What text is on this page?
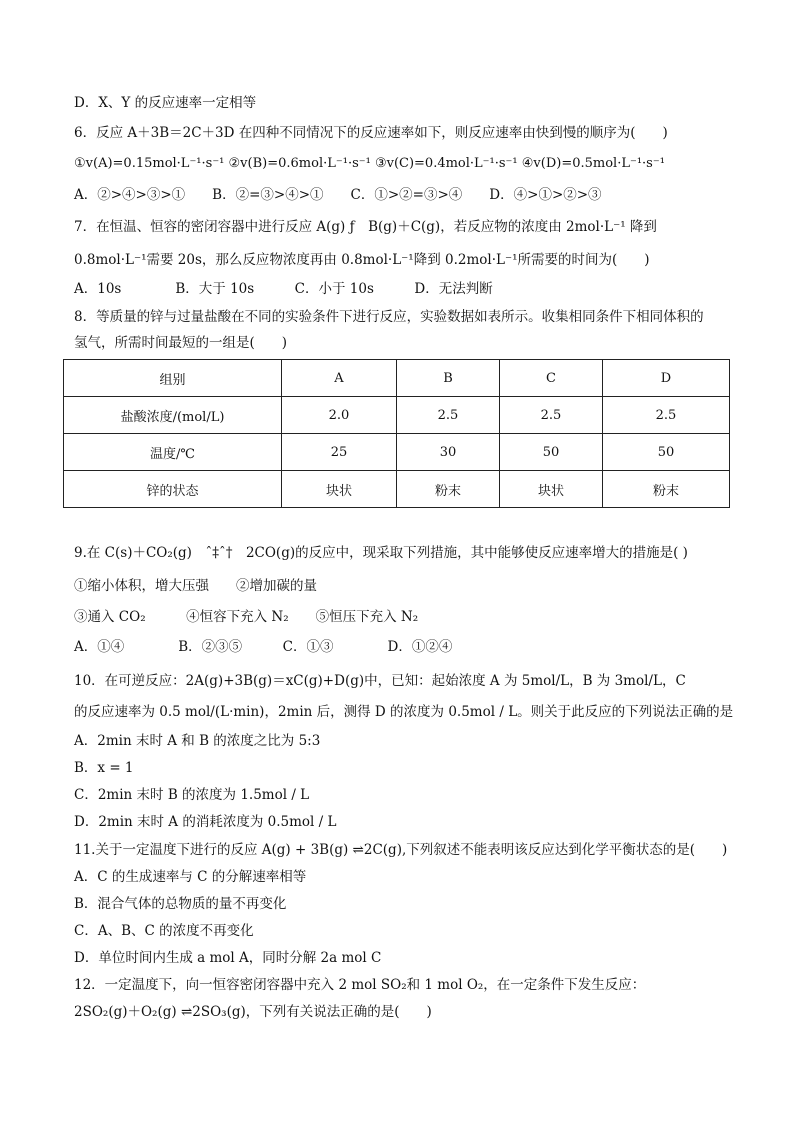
D．X、Y 的反应速率一定相等
6．反应 A＋3B＝2C＋3D 在四种不同情况下的反应速率如下，则反应速率由快到慢的顺序为(　　)
①v(A)=0.15mol·L⁻¹·s⁻¹ ②v(B)=0.6mol·L⁻¹·s⁻¹ ③v(C)=0.4mol·L⁻¹·s⁻¹ ④v(D)=0.5mol·L⁻¹·s⁻¹
A．②>④>③>①　　B．②=③>④>①　　C．①>②=③>④　　D．④>①>②>③
7．在恒温、恒容的密闭容器中进行反应 A(g) ƒ　B(g)＋C(g)，若反应物的浓度由 2mol·L⁻¹ 降到
0.8mol·L⁻¹需要 20s，那么反应物浓度再由 0.8mol·L⁻¹降到 0.2mol·L⁻¹所需要的时间为(　　)
A．10s　　　　B．大于 10s　　　C．小于 10s　　　D．无法判断
8．等质量的锌与过量盐酸在不同的实验条件下进行反应，实验数据如表所示。收集相同条件下相同体积的
氢气，所需时间最短的一组是(　　)
组别	A	B	C	D
盐酸浓度/(mol/L)	2.0	2.5	2.5	2.5
温度/℃	25	30	50	50
锌的状态	块状	粉末	块状	粉末
9.在 C(s)＋CO₂(g)　ˆ‡ˆ†　2CO(g)的反应中，现采取下列措施，其中能够使反应速率增大的措施是( )
①缩小体积，增大压强　　②增加碳的量
③通入 CO₂　　　④恒容下充入 N₂　　⑤恒压下充入 N₂
A．①④　　　　B．②③⑤　　　C．①③　　　　D．①②④
10．在可逆反应：2A(g)+3B(g)＝xC(g)+D(g)中，已知：起始浓度 A 为 5mol/L，B 为 3mol/L，C
的反应速率为 0.5 mol/(L·min)，2min 后，测得 D 的浓度为 0.5mol / L。则关于此反应的下列说法正确的是
A．2min 末时 A 和 B 的浓度之比为 5:3
B．x = 1
C．2min 末时 B 的浓度为 1.5mol / L
D．2min 末时 A 的消耗浓度为 0.5mol / L
11.关于一定温度下进行的反应 A(g) + 3B(g) ⇌2C(g),下列叙述不能表明该反应达到化学平衡状态的是(　　)
A．C 的生成速率与 C 的分解速率相等
B．混合气体的总物质的量不再变化
C．A、B、C 的浓度不再变化
D．单位时间内生成 a mol A，同时分解 2a mol C
12．一定温度下，向一恒容密闭容器中充入 2 mol SO₂和 1 mol O₂，在一定条件下发生反应：
2SO₂(g)＋O₂(g) ⇌2SO₃(g)，下列有关说法正确的是(　　)
